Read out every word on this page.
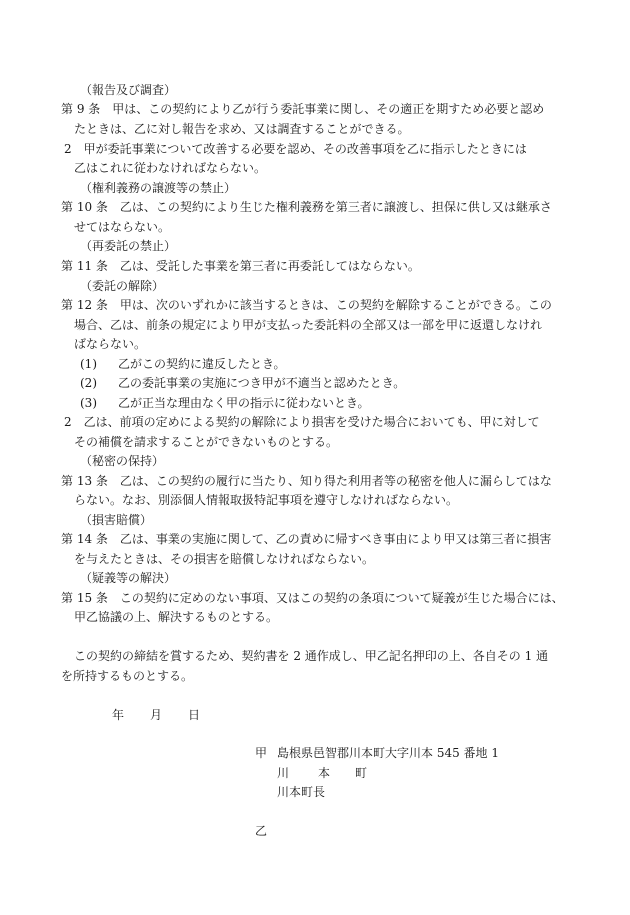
（報告及び調査）
第 9 条　甲は、この契約により乙が行う委託事業に関し、その適正を期すため必要と認め
たときは、乙に対し報告を求め、又は調査することができる。
2　甲が委託事業について改善する必要を認め、その改善事項を乙に指示したときには
乙はこれに従わなければならない。
（権利義務の譲渡等の禁止）
第 10 条　乙は、この契約により生じた権利義務を第三者に譲渡し、担保に供し又は継承さ
せてはならない。
（再委託の禁止）
第 11 条　乙は、受託した事業を第三者に再委託してはならない。
（委託の解除）
第 12 条　甲は、次のいずれかに該当するときは、この契約を解除することができる。この
場合、乙は、前条の規定により甲が支払った委託料の全部又は一部を甲に返還しなけれ
ばならない。
(1) 乙がこの契約に違反したとき。
(2) 乙の委託事業の実施につき甲が不適当と認めたとき。
(3) 乙が正当な理由なく甲の指示に従わないとき。
2　乙は、前項の定めによる契約の解除により損害を受けた場合においても、甲に対して
その補償を請求することができないものとする。
（秘密の保持）
第 13 条　乙は、この契約の履行に当たり、知り得た利用者等の秘密を他人に漏らしてはな
らない。なお、別添個人情報取扱特記事項を遵守しなければならない。
（損害賠償）
第 14 条　乙は、事業の実施に関して、乙の責めに帰すべき事由により甲又は第三者に損害
を与えたときは、その損害を賠償しなければならない。
（疑義等の解決）
第 15 条　この契約に定めのない事項、又はこの契約の条項について疑義が生じた場合には、
甲乙協議の上、解決するものとする。
この契約の締結を賞するため、契約書を 2 通作成し、甲乙記名押印の上、各自その 1 通
を所持するものとする。
年 月 日
甲 島根県邑智郡川本町大字川本 545 番地 1
川 本 町
川本町長
乙
